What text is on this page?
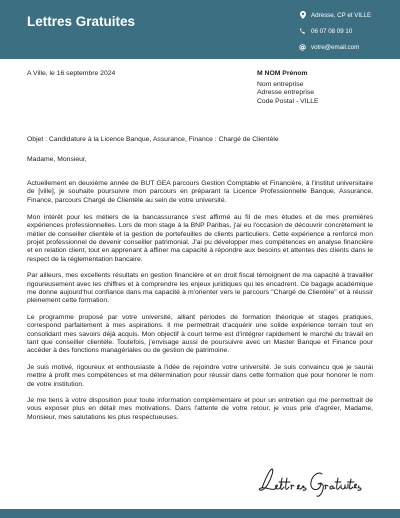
Lettres Gratuites	Adresse, CP et VILLE
06 07 08 09 10
votre@email.com
A Ville, le 16 septembre 2024	M NOM Prénom
Nom entreprise
Adresse entreprise
Code Postal - VILLE
Objet : Candidature à la Licence Banque, Assurance, Finance : Chargé de Clientèle
Madame, Monsieur,

Actuellement en deuxième année de BUT GEA parcours Gestion Comptable et Financière, à l'institut universitaire de [ville], je souhaite poursuivre mon parcours en préparant la Licence Professionnelle Banque, Assurance, Finance, parcours Chargé de Clientèle au sein de votre université.

Mon intérêt pour les métiers de la bancassurance s'est affirmé au fil de mes études et de mes premières expériences professionnelles. Lors de mon stage à la BNP Paribas, j'ai eu l'occasion de découvrir concrètement le métier de conseiller clientèle et la gestion de portefeuilles de clients particuliers. Cette expérience a renforcé mon projet professionnel de devenir conseiller patrimonial. J'ai pu développer mes compétences en analyse financière et en relation client, tout en apprenant à affiner ma capacité à répondre aux besoins et attentes des clients dans le respect de la réglementation bancaire.

Par ailleurs, mes excellents résultats en gestion financière et en droit fiscal témoignent de ma capacité à travailler rigoureusement avec les chiffres et à comprendre les enjeux juridiques qui les encadrent. Ce bagage académique me donne aujourd'hui confiance dans ma capacité à m'orienter vers le parcours "Chargé de Clientèle" et à réussir pleinement cette formation.

Le programme proposé par votre université, alliant périodes de formation théorique et stages pratiques, correspond parfaitement à mes aspirations. Il me permettrait d'acquérir une solide expérience terrain tout en consolidant mes savoirs déjà acquis. Mon objectif à court terme est d'intégrer rapidement le marché du travail en tant que conseiller clientèle. Toutefois, j'envisage aussi de poursuivre avec un Master Banque et Finance pour accéder à des fonctions managériales ou de gestion de patrimoine.

Je suis motivé, rigoureux et enthousiaste à l'idée de rejoindre votre université. Je suis convaincu que je saurai mettre à profit mes compétences et ma détermination pour réussir dans cette formation que pour honorer le nom de votre institution.

Je me tiens à votre disposition pour toute information complémentaire et pour un entretien qui me permettrait de vous exposer plus en détail mes motivations. Dans l'attente de votre retour, je vous prie d'agréer, Madame, Monsieur, mes salutations les plus respectueuses.
